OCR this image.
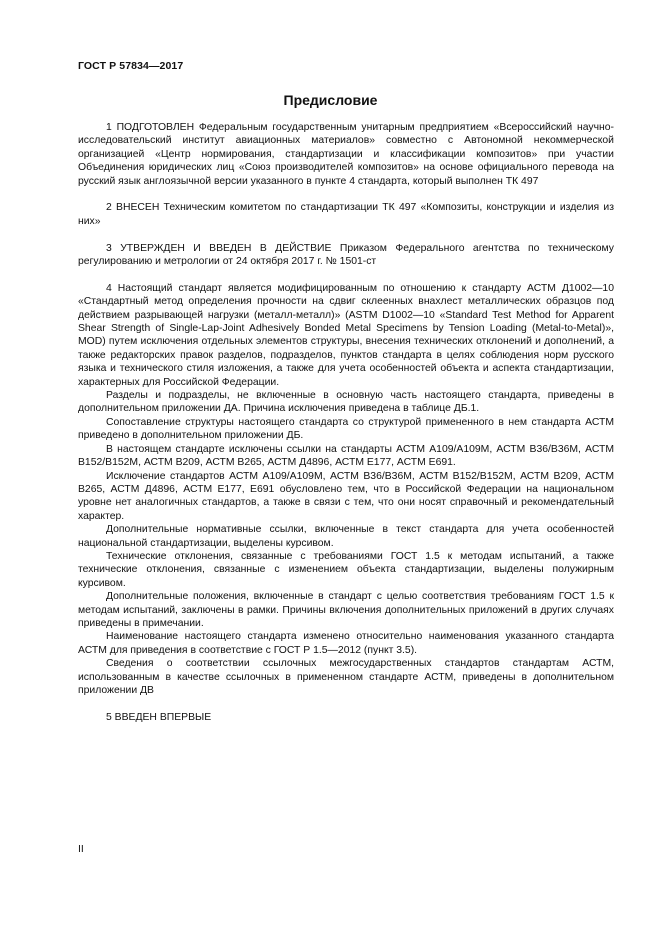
ГОСТ Р 57834—2017
Предисловие

1 ПОДГОТОВЛЕН Федеральным государственным унитарным предприятием «Всероссийский научно-исследовательский институт авиационных материалов» совместно с Автономной некоммерческой организацией «Центр нормирования, стандартизации и классификации композитов» при участии Объединения юридических лиц «Союз производителей композитов» на основе официального перевода на русский язык англоязычной версии указанного в пункте 4 стандарта, который выполнен ТК 497

2 ВНЕСЕН Техническим комитетом по стандартизации ТК 497 «Композиты, конструкции и изделия из них»

3 УТВЕРЖДЕН И ВВЕДЕН В ДЕЙСТВИЕ Приказом Федерального агентства по техническому регулированию и метрологии от 24 октября 2017 г. № 1501-ст

4 Настоящий стандарт является модифицированным по отношению к стандарту АСТМ Д1002—10 «Стандартный метод определения прочности на сдвиг склеенных внахлест металлических образцов под действием разрывающей нагрузки (металл-металл)» (ASTM D1002—10 «Standard Test Method for Apparent Shear Strength of Single-Lap-Joint Adhesively Bonded Metal Specimens by Tension Loading (Metal-to-Metal)», MOD) путем исключения отдельных элементов структуры, внесения технических отклонений и дополнений, а также редакторских правок разделов, подразделов, пунктов стандарта в целях соблюдения норм русского языка и технического стиля изложения, а также для учета особенностей объекта и аспекта стандартизации, характерных для Российской Федерации.

Разделы и подразделы, не включенные в основную часть настоящего стандарта, приведены в дополнительном приложении ДА. Причина исключения приведена в таблице ДБ.1.

Сопоставление структуры настоящего стандарта со структурой примененного в нем стандарта АСТМ приведено в дополнительном приложении ДБ.

В настоящем стандарте исключены ссылки на стандарты АСТМ А109/А109М, АСТМ В36/В36М, АСТМ В152/В152М, АСТМ В209, АСТМ В265, АСТМ Д4896, АСТМ Е177, АСТМ Е691.

Исключение стандартов АСТМ А109/А109М, АСТМ В36/В36М, АСТМ В152/В152М, АСТМ В209, АСТМ В265, АСТМ Д4896, АСТМ Е177, Е691 обусловлено тем, что в Российской Федерации на национальном уровне нет аналогичных стандартов, а также в связи с тем, что они носят справочный и рекомендательный характер.

Дополнительные нормативные ссылки, включенные в текст стандарта для учета особенностей национальной стандартизации, выделены курсивом.

Технические отклонения, связанные с требованиями ГОСТ 1.5 к методам испытаний, а также технические отклонения, связанные с изменением объекта стандартизации, выделены полужирным курсивом.

Дополнительные положения, включенные в стандарт с целью соответствия требованиям ГОСТ 1.5 к методам испытаний, заключены в рамки. Причины включения дополнительных приложений в других случаях приведены в примечании.

Наименование настоящего стандарта изменено относительно наименования указанного стандарта АСТМ для приведения в соответствие с ГОСТ Р 1.5—2012 (пункт 3.5).

Сведения о соответствии ссылочных межгосударственных стандартов стандартам АСТМ, использованным в качестве ссылочных в примененном стандарте АСТМ, приведены в дополнительном приложении ДВ

5 ВВЕДЕН ВПЕРВЫЕ

II
